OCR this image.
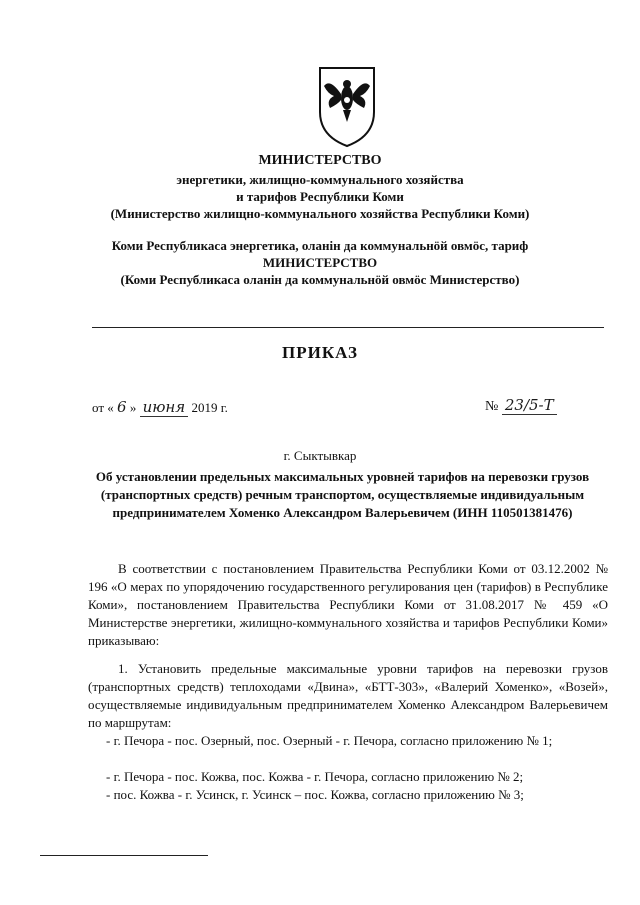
МИНИСТЕРСТВО
энергетики, жилищно-коммунального хозяйства
и тарифов Республики Коми
(Министерство жилищно-коммунального хозяйства Республики Коми)
Коми Республикаса энергетика, оланiн да коммунальнӧй овмӧс, тариф
МИНИСТЕРСТВО
(Коми Республикаса оланiн да коммунальнӧй овмӧс Министерство)
ПРИКАЗ
от « 6 » июня 2019 г.	№ 23/5-Т
г. Сыктывкар
Об установлении предельных максимальных уровней тарифов на перевозки грузов (транспортных средств) речным транспортом, осуществляемые индивидуальным предпринимателем Хоменко Александром Валерьевичем (ИНН 110501381476)
В соответствии с постановлением Правительства Республики Коми от 03.12.2002 № 196 «О мерах по упорядочению государственного регулирования цен (тарифов) в Республике Коми», постановлением Правительства Республики Коми от 31.08.2017 № 459 «О Министерстве энергетики, жилищно-коммунального хозяйства и тарифов Республики Коми» приказываю:
1. Установить предельные максимальные уровни тарифов на перевозки грузов (транспортных средств) теплоходами «Двина», «БТТ-303», «Валерий Хоменко», «Возей», осуществляемые индивидуальным предпринимателем Хоменко Александром Валерьевичем по маршрутам:
- г. Печора - пос. Озерный, пос. Озерный - г. Печора, согласно приложению № 1;
- г. Печора - пос. Кожва, пос. Кожва - г. Печора, согласно приложению № 2;
- пос. Кожва - г. Усинск, г. Усинск – пос. Кожва, согласно приложению № 3;
